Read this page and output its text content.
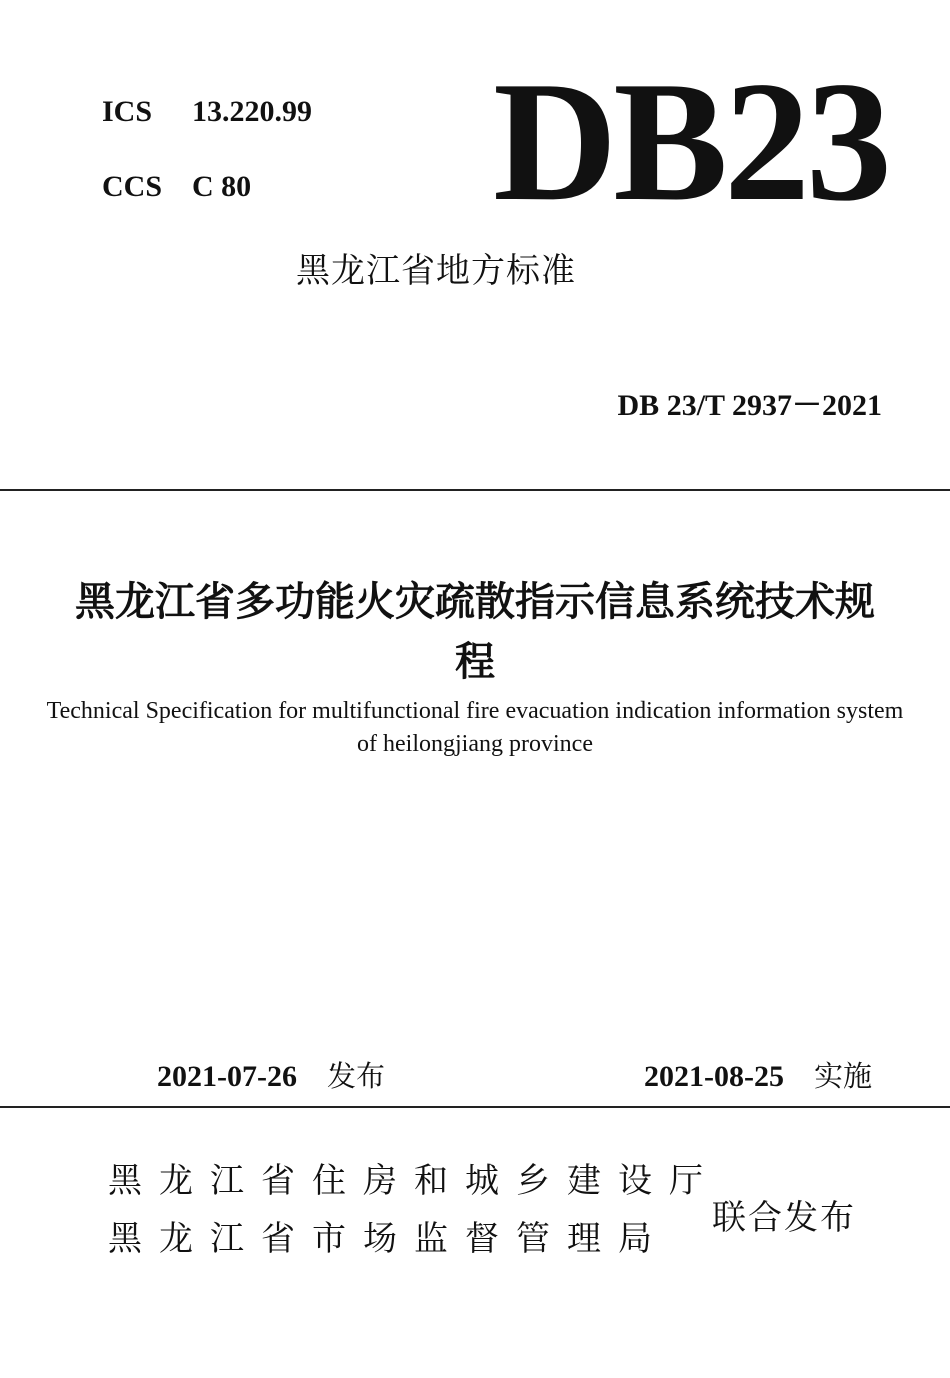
ICS 13.220.99
CCS C 80 DB23
黑龙江省地方标准
DB 23/T 2937－2021
黑龙江省多功能火灾疏散指示信息系统技术规程
Technical Specification for multifunctional fire evacuation indication information system of heilongjiang province
2021-07-26 发布	2021-08-25 实施
黑龙江省住房和城乡建设厅
黑龙江省市场监督管理局
联合发布
